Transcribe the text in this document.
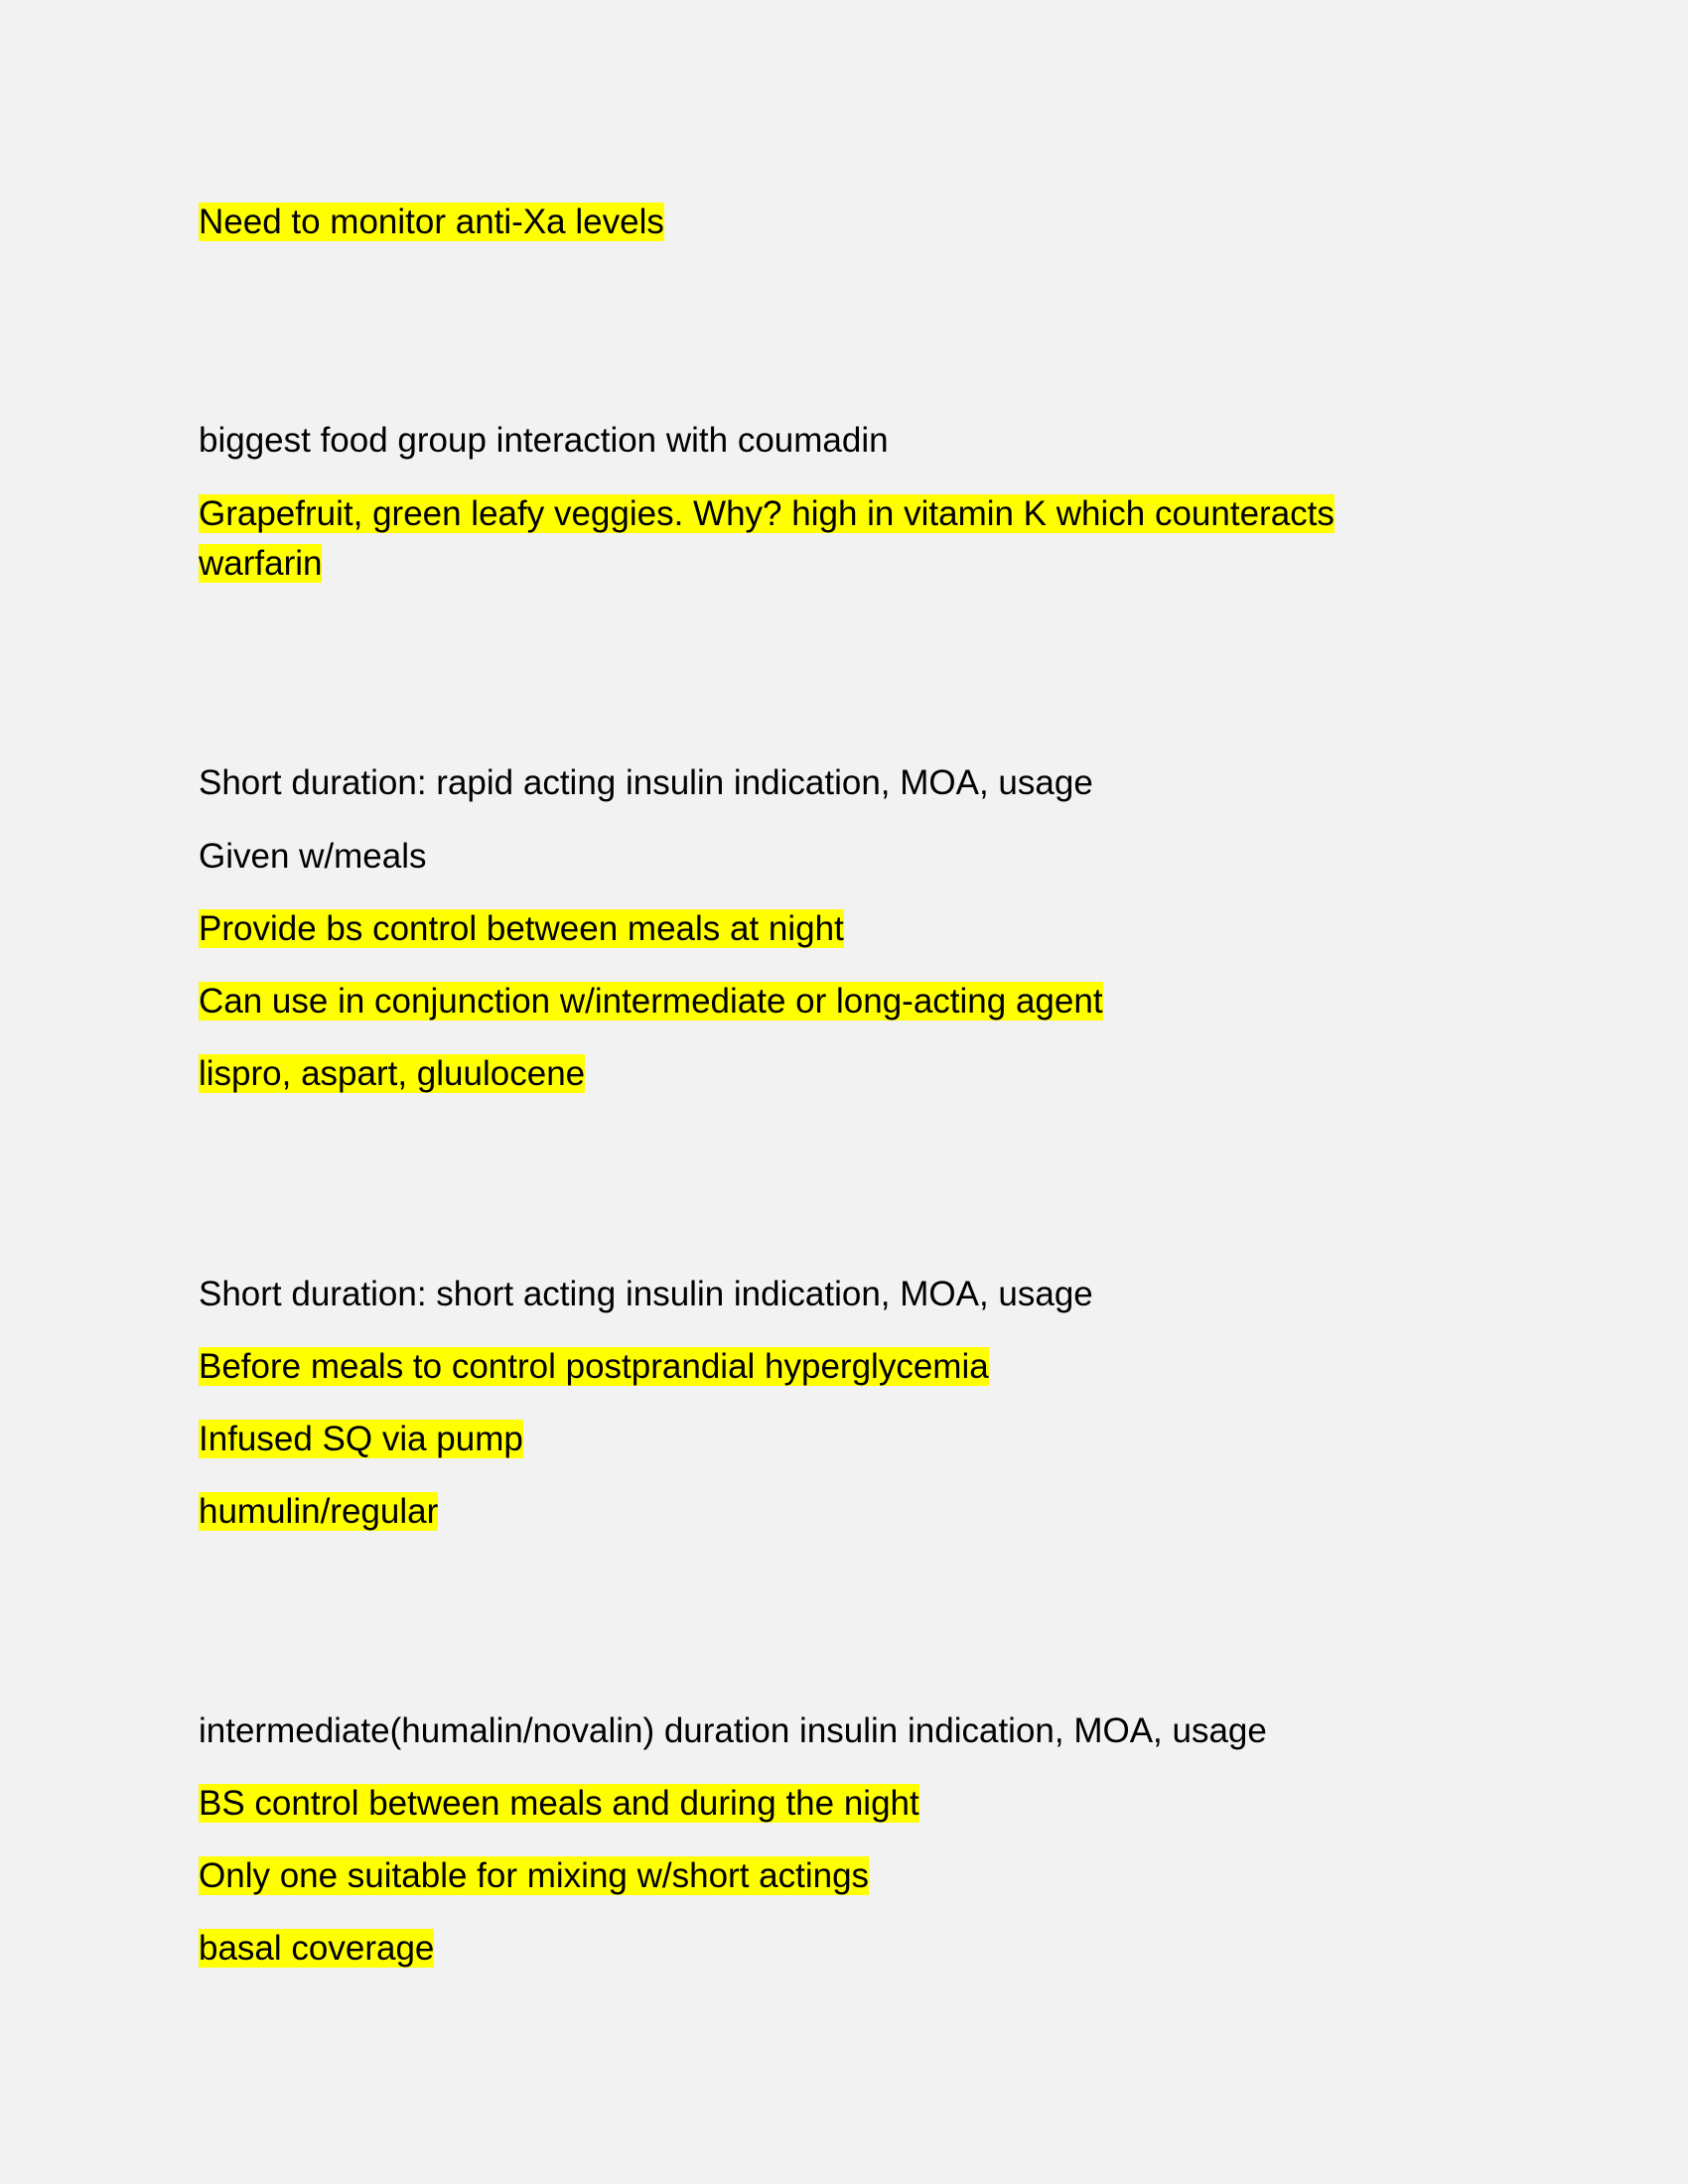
Need to monitor anti-Xa levels
biggest food group interaction with coumadin
Grapefruit, green leafy veggies. Why? high in vitamin K which counteracts warfarin
Short duration: rapid acting insulin indication, MOA, usage
Given w/meals
Provide bs control between meals at night
Can use in conjunction w/intermediate or long-acting agent
lispro, aspart, gluulocene
Short duration: short acting insulin indication, MOA, usage
Before meals to control postprandial hyperglycemia
Infused SQ via pump
humulin/regular
intermediate(humalin/novalin) duration insulin indication, MOA, usage
BS control between meals and during the night
Only one suitable for mixing w/short actings
basal coverage
